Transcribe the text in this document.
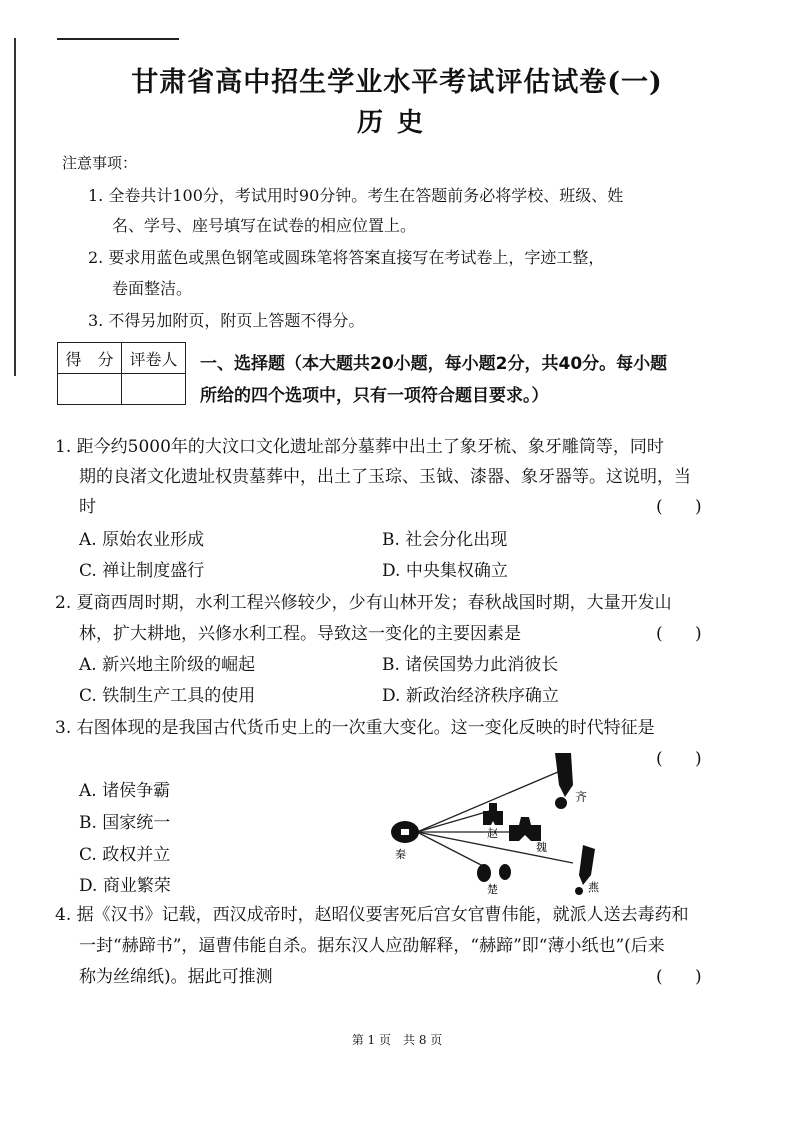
甘肃省高中招生学业水平考试评估试卷(一)
历史
注意事项：
1. 全卷共计100分，考试用时90分钟。考生在答题前务必将学校、班级、姓
名、学号、座号填写在试卷的相应位置上。
2. 要求用蓝色或黑色钢笔或圆珠笔将答案直接写在考试卷上，字迹工整，
卷面整洁。
3. 不得另加附页，附页上答题不得分。
得　分	评卷人
	一、选择题（本大题共20小题，每小题2分，共40分。每小题
所给的四个选项中，只有一项符合题目要求。）
1. 距今约5000年的大汶口文化遗址部分墓葬中出土了象牙梳、象牙雕筒等，同时
期的良渚文化遗址权贵墓葬中，出土了玉琮、玉钺、漆器、象牙器等。这说明，当
时	(      )
A. 原始农业形成	B. 社会分化出现
C. 禅让制度盛行	D. 中央集权确立
2. 夏商西周时期，水利工程兴修较少，少有山林开发；春秋战国时期，大量开发山
林，扩大耕地，兴修水利工程。导致这一变化的主要因素是	(      )
A. 新兴地主阶级的崛起	B. 诸侯国势力此消彼长
C. 铁制生产工具的使用	D. 新政治经济秩序确立
3. 右图体现的是我国古代货币史上的一次重大变化。这一变化反映的时代特征是
(      )
A. 诸侯争霸
B. 国家统一
C. 政权并立
D. 商业繁荣
齐
赵
魏
秦
楚	燕
4. 据《汉书》记载，西汉成帝时，赵昭仪要害死后宫女官曹伟能，就派人送去毒药和
一封“赫蹄书”，逼曹伟能自杀。据东汉人应劭解释，“赫蹄”即“薄小纸也”(后来
称为丝绵纸)。据此可推测	(      )
第 1 页　共 8 页
